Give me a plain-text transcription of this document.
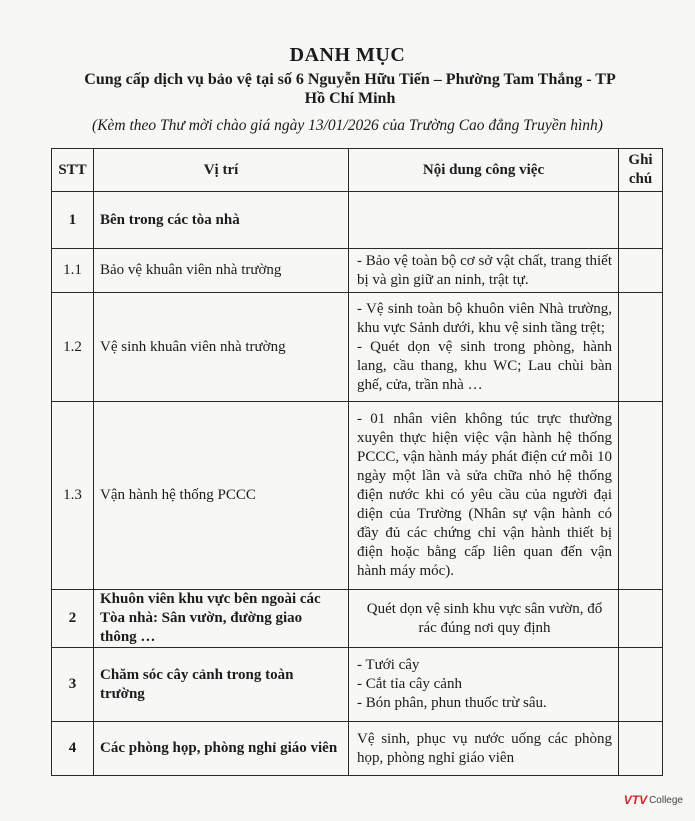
DANH MỤC
Cung cấp dịch vụ bảo vệ tại số 6 Nguyễn Hữu Tiến – Phường Tam Thắng - TP
Hồ Chí Minh
(Kèm theo Thư mời chào giá ngày 13/01/2026 của Trường Cao đẳng Truyền hình)
STT	Vị trí	Nội dung công việc	Ghi chú
1	Bên trong các tòa nhà		
1.1	Bảo vệ khuân viên nhà trường	- Bảo vệ toàn bộ cơ sở vật chất, trang thiết bị và gìn giữ an ninh, trật tự.	

1.2	Vệ sinh khuân viên nhà trường	- Vệ sinh toàn bộ khuôn viên Nhà trường, khu vực Sảnh dưới, khu vệ sinh tầng trệt;
- Quét dọn vệ sinh trong phòng, hành lang, cầu thang, khu WC; Lau chùi bàn ghế, cửa, trần nhà …	

1.3	Vận hành hệ thống PCCC	- 01 nhân viên không túc trực thường xuyên thực hiện việc vận hành hệ thống PCCC, vận hành máy phát điện cứ mỗi 10 ngày một lần và sửa chữa nhỏ hệ thống điện nước khi có yêu cầu của người đại diện của Trường (Nhân sự vận hành có đầy đủ các chứng chỉ vận hành thiết bị điện hoặc bằng cấp liên quan đến vận hành máy móc).	

2	Khuôn viên khu vực bên ngoài các Tòa nhà: Sân vườn, đường giao thông …	Quét dọn vệ sinh khu vực sân vườn, đổ rác đúng nơi quy định	

3	Chăm sóc cây cảnh trong toàn trường	- Tưới cây
- Cắt tỉa cây cảnh
- Bón phân, phun thuốc trừ sâu.	

4	Các phòng họp, phòng nghỉ giáo viên	Vệ sinh, phục vụ nước uống các phòng họp, phòng nghỉ giáo viên	

VTV College
